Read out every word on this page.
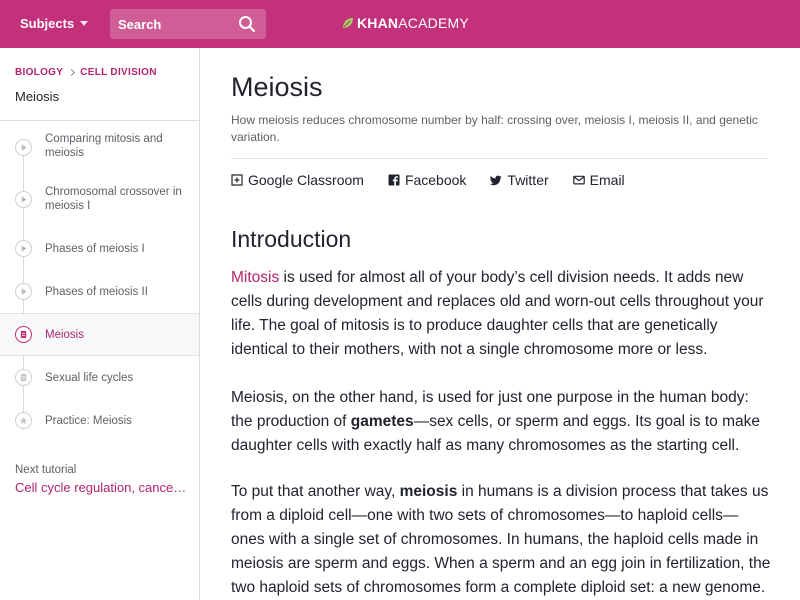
Subjects	Search	KHAN ACADEMY
BIOLOGY CELL DIVISION
Meiosis
Comparing mitosis and meiosis
Chromosomal crossover in meiosis I
Phases of meiosis I
Phases of meiosis II
Meiosis
Sexual life cycles
Practice: Meiosis
Next tutorial
Cell cycle regulation, cance…
Meiosis

How meiosis reduces chromosome number by half: crossing over, meiosis I, meiosis II, and genetic variation.

Google Classroom	Facebook	Twitter	Email
Introduction

Mitosis is used for almost all of your body’s cell division needs. It adds new cells during development and replaces old and worn-out cells throughout your life. The goal of mitosis is to produce daughter cells that are genetically identical to their mothers, with not a single chromosome more or less.

Meiosis, on the other hand, is used for just one purpose in the human body: the production of gametes—sex cells, or sperm and eggs. Its goal is to make daughter cells with exactly half as many chromosomes as the starting cell.

To put that another way, meiosis in humans is a division process that takes us from a diploid cell—one with two sets of chromosomes—to haploid cells—ones with a single set of chromosomes. In humans, the haploid cells made in meiosis are sperm and eggs. When a sperm and an egg join in fertilization, the two haploid sets of chromosomes form a complete diploid set: a new genome.
